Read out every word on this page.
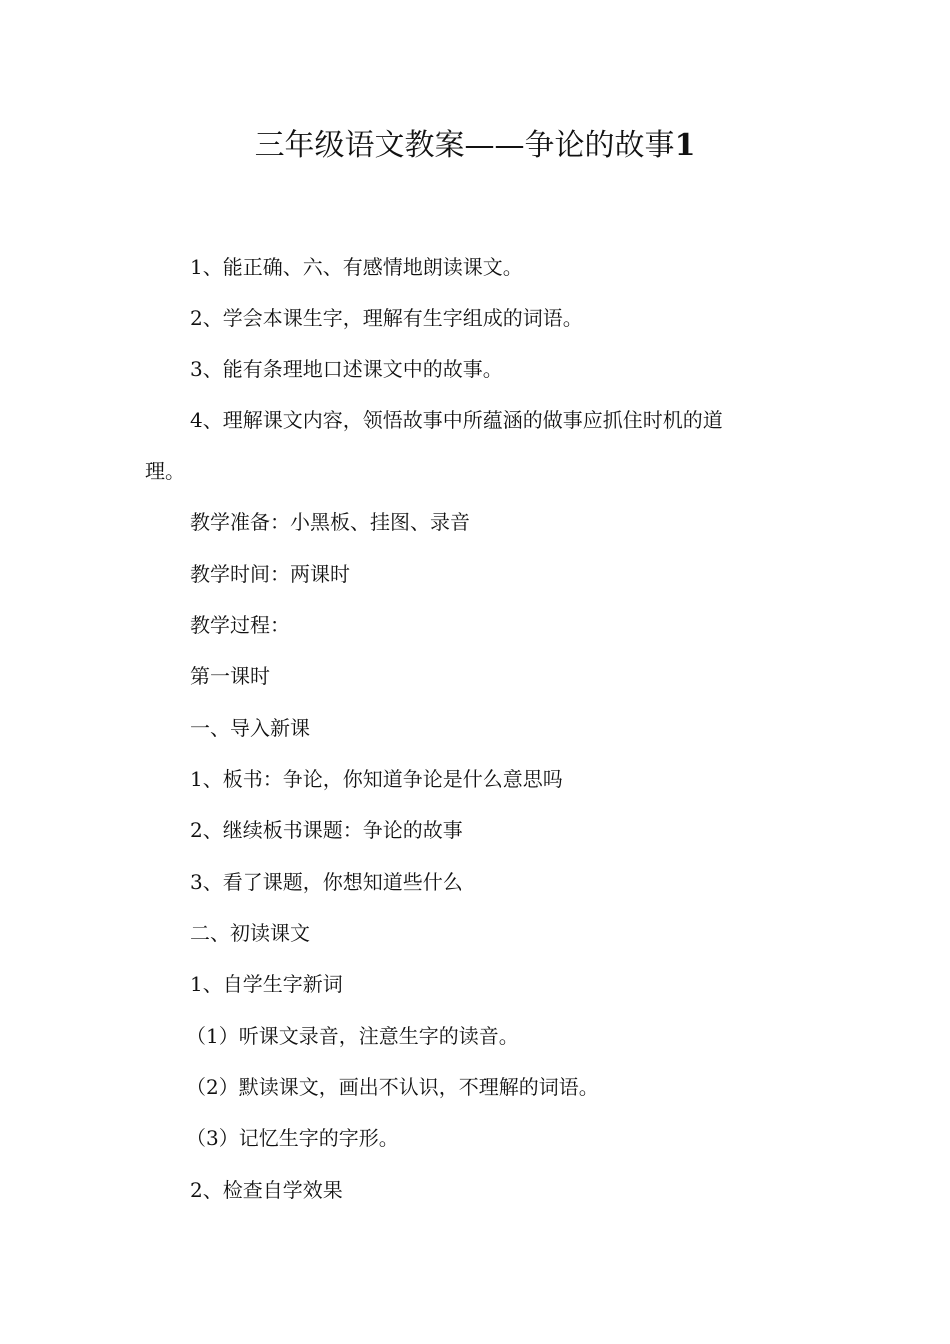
三年级语文教案——争论的故事1
1、能正确、六、有感情地朗读课文。
2、学会本课生字，理解有生字组成的词语。
3、能有条理地口述课文中的故事。
4、理解课文内容，领悟故事中所蕴涵的做事应抓住时机的道
理。
教学准备：小黑板、挂图、录音
教学时间：两课时
教学过程：
第一课时
一、导入新课
1、板书：争论，你知道争论是什么意思吗
2、继续板书课题：争论的故事
3、看了课题，你想知道些什么
二、初读课文
1、自学生字新词
（1）听课文录音，注意生字的读音。
（2）默读课文，画出不认识，不理解的词语。
（3）记忆生字的字形。
2、检查自学效果
